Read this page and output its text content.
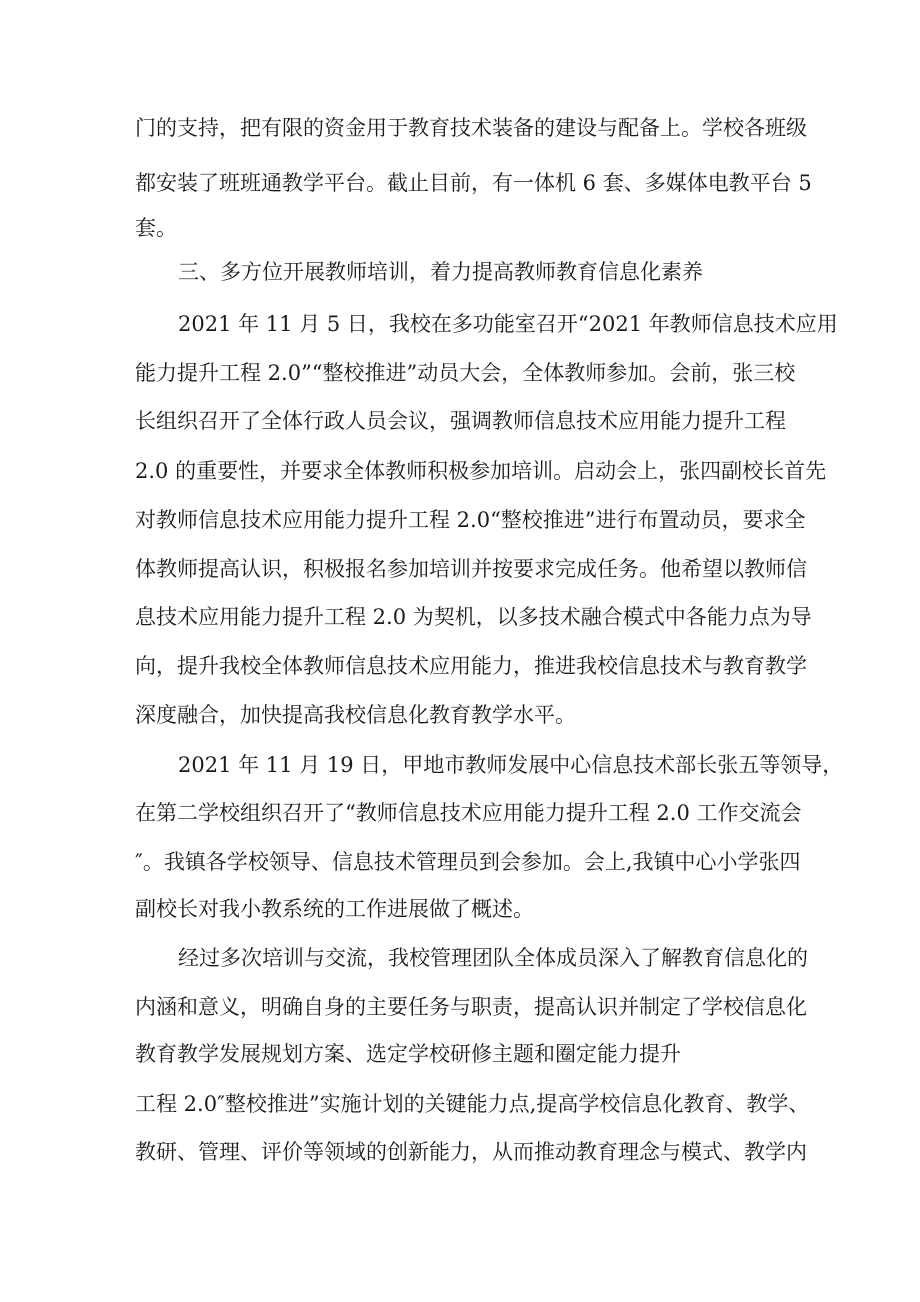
门的支持，把有限的资金用于教育技术装备的建设与配备上。学校各班级
都安装了班班通教学平台。截止目前，有一体机 6 套、多媒体电教平台 5
套。
三、多方位开展教师培训，着力提高教师教育信息化素养
2021 年 11 月 5 日，我校在多功能室召开“2021 年教师信息技术应用
能力提升工程 2.0”“整校推进”动员大会，全体教师参加。会前，张三校
长组织召开了全体行政人员会议，强调教师信息技术应用能力提升工程
2.0 的重要性，并要求全体教师积极参加培训。启动会上，张四副校长首先
对教师信息技术应用能力提升工程 2.0“整校推进”进行布置动员，要求全
体教师提高认识，积极报名参加培训并按要求完成任务。他希望以教师信
息技术应用能力提升工程 2.0 为契机，以多技术融合模式中各能力点为导
向，提升我校全体教师信息技术应用能力，推进我校信息技术与教育教学
深度融合，加快提高我校信息化教育教学水平。
2021 年 11 月 19 日，甲地市教师发展中心信息技术部长张五等领导，
在第二学校组织召开了“教师信息技术应用能力提升工程 2.0 工作交流会
″。我镇各学校领导、信息技术管理员到会参加。会上,我镇中心小学张四
副校长对我小教系统的工作进展做了概述。
经过多次培训与交流，我校管理团队全体成员深入了解教育信息化的
内涵和意义，明确自身的主要任务与职责，提高认识并制定了学校信息化
教育教学发展规划方案、选定学校研修主题和圈定能力提升
工程 2.0″整校推进”实施计划的关键能力点,提高学校信息化教育、教学、
教研、管理、评价等领域的创新能力，从而推动教育理念与模式、教学内
